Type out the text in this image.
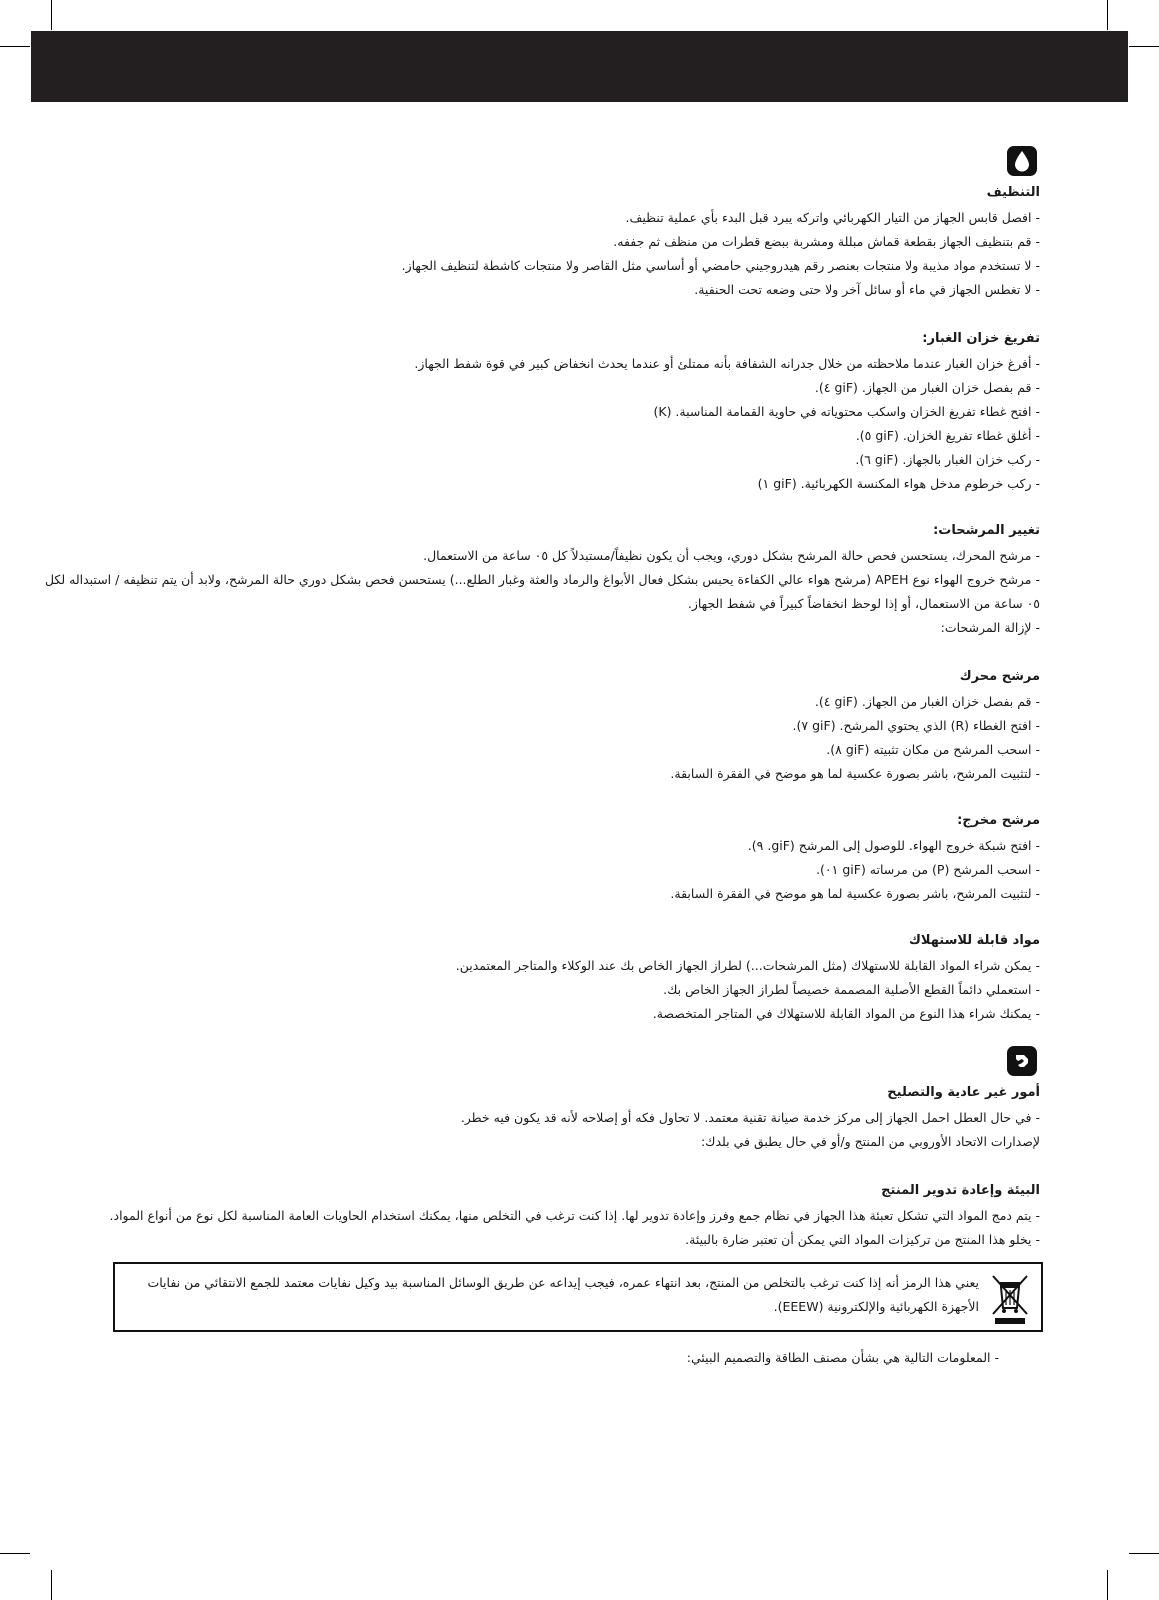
التنظيف

- افصل قابس الجهاز من التيار الكهربائي واتركه يبرد قبل البدء بأي عملية تنظيف.

- قم بتنظيف الجهاز بقطعة قماش مبللة ومشربة ببضع قطرات من منظف ثم جففه.

- لا تستخدم مواد مذيبة ولا منتجات بعنصر رقم هيدروجيني حامضي أو أساسي مثل القاصر ولا منتجات كاشطة لتنظيف الجهاز.

- لا تغطس الجهاز في ماء أو سائل آخر ولا حتى وضعه تحت الحنفية.

تفريغ خزان الغبار:

- أفرغ خزان الغبار عندما ملاحظته من خلال جدرانه الشفافة بأنه ممتلئ أو عندما يحدث انخفاض كبير في قوة شفط الجهاز.

- قم بفصل خزان الغبار من الجهاز. (giF ٤).

- افتح غطاء تفريغ الخزان واسكب محتوياته في حاوية القمامة المناسبة. (K)

- أغلق غطاء تفريغ الخزان. (giF ٥).

- ركب خزان الغبار بالجهاز. (giF ٦).

- ركب خرطوم مدخل هواء المكنسة الكهربائية. (giF ١)

تغيير المرشحات:

- مرشح المحرك، يستحسن فحص حالة المرشح بشكل دوري، ويجب أن يكون نظيفاً/مستبدلاً كل ٠٥ ساعة من الاستعمال.

- مرشح خروج الهواء نوع APEH (مرشح هواء عالي الكفاءة يحبس بشكل فعال الأبواغ والرماد والعثة وغبار الطلع...) يستحسن فحص بشكل دوري حالة المرشح، ولابد أن يتم تنظيفه / استبداله لكل ٠٥ ساعة من الاستعمال، أو إذا لوحظ انخفاضاً كبيراً في شفط الجهاز.

- لإزالة المرشحات:

مرشح محرك

- قم بفصل خزان الغبار من الجهاز. (giF ٤).

- افتح الغطاء (R) الذي يحتوي المرشح. (giF ٧).

- اسحب المرشح من مكان تثبيته (giF ٨).

- لتثبيت المرشح، باشر بصورة عكسية لما هو موضح في الفقرة السابقة.

مرشح مخرج:

- افتح شبكة خروج الهواء. للوصول إلى المرشح (giF. ٩).

- اسحب المرشح (P) من مرساته (giF ٠١).

- لتثبيت المرشح، باشر بصورة عكسية لما هو موضح في الفقرة السابقة.

مواد قابلة للاستهلاك

- يمكن شراء المواد القابلة للاستهلاك (مثل المرشحات...) لطراز الجهاز الخاص بك عند الوكلاء والمتاجر المعتمدين.

- استعملي دائماً القطع الأصلية المصممة خصيصاً لطراز الجهاز الخاص بك.

- يمكنك شراء هذا النوع من المواد القابلة للاستهلاك في المتاجر المتخصصة.

أمور غير عادية والتصليح

- في حال العطل احمل الجهاز إلى مركز خدمة صيانة تقنية معتمد. لا تحاول فكه أو إصلاحه لأنه قد يكون فيه خطر.

لإصدارات الاتحاد الأوروبي من المنتج و/أو في حال يطبق في بلدك:

البيئة وإعادة تدوير المنتج

- يتم دمج المواد التي تشكل تعبئة هذا الجهاز في نظام جمع وفرز وإعادة تدوير لها. إذا كنت ترغب في التخلص منها، يمكنك استخدام الحاويات العامة المناسبة لكل نوع من أنواع المواد.

- يخلو هذا المنتج من تركيزات المواد التي يمكن أن تعتبر ضارة بالبيئة.

يعني هذا الرمز أنه إذا كنت ترغب بالتخلص من المنتج، بعد انتهاء عمره، فيجب إيداعه عن طريق الوسائل المناسبة بيد وكيل نفايات معتمد للجمع الانتقائي من نفايات الأجهزة الكهربائية والإلكترونية (EEEW).
- المعلومات التالية هي بشأن مصنف الطاقة والتصميم البيئي:
